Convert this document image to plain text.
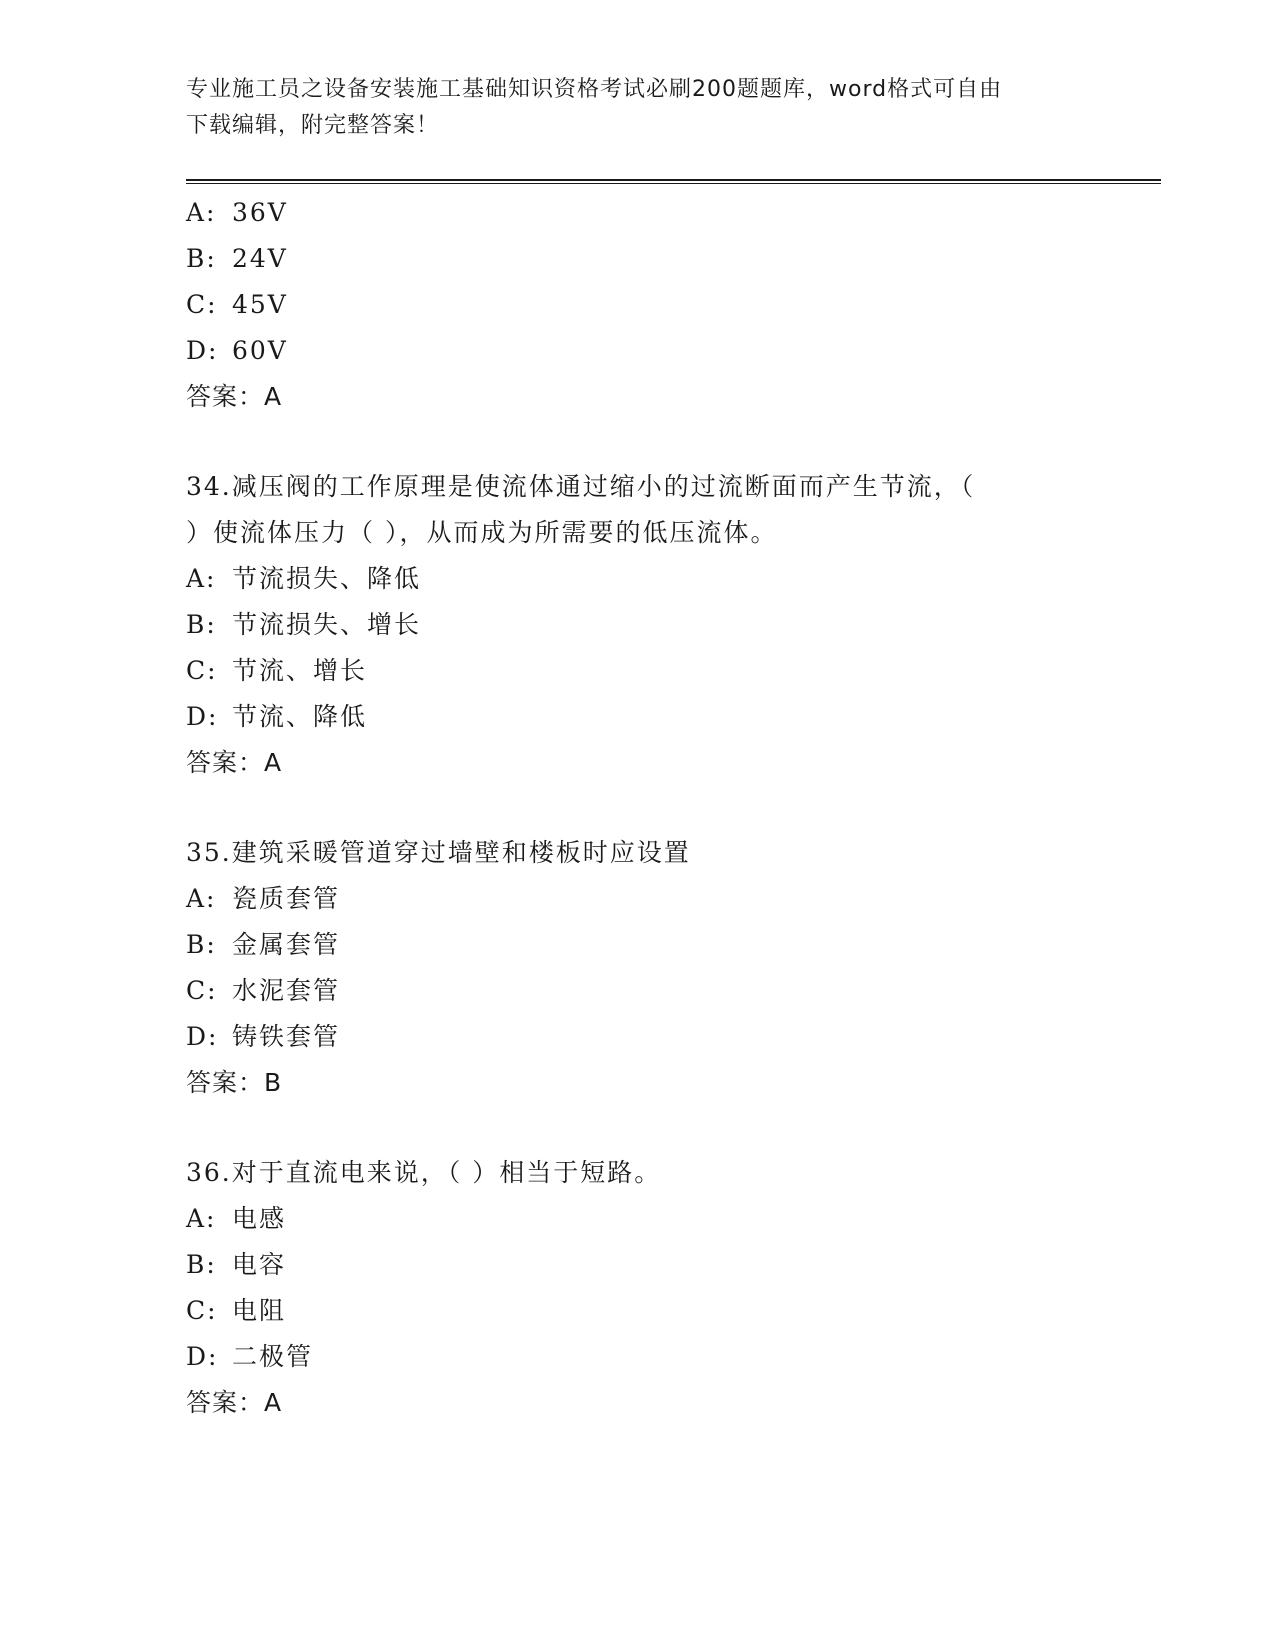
专业施工员之设备安装施工基础知识资格考试必刷200题题库，word格式可自由
下载编辑，附完整答案！
A: 36V
B: 24V
C: 45V
D: 60V
答案：A
34.减压阀的工作原理是使流体通过缩小的过流断面而产生节流，（
）使流体压力（ ），从而成为所需要的低压流体。
A: 节流损失、降低
B: 节流损失、增长
C: 节流、增长
D: 节流、降低
答案：A
35.建筑采暖管道穿过墙壁和楼板时应设置
A: 瓷质套管
B: 金属套管
C: 水泥套管
D: 铸铁套管
答案：B
36.对于直流电来说，（ ）相当于短路。
A: 电感
B: 电容
C: 电阻
D: 二极管
答案：A
